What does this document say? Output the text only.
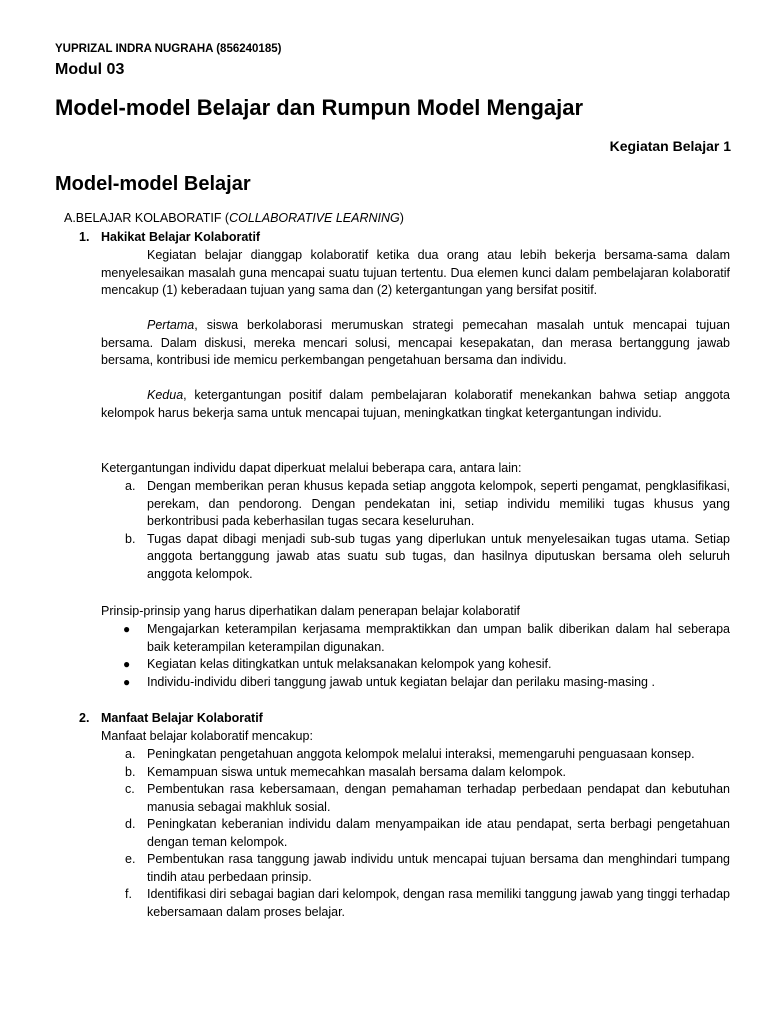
YUPRIZAL INDRA NUGRAHA (856240185)
Modul 03
Model-model Belajar dan Rumpun Model Mengajar
Kegiatan Belajar 1
Model-model Belajar
A.BELAJAR KOLABORATIF (COLLABORATIVE LEARNING)
1. Hakikat Belajar Kolaboratif
Kegiatan belajar dianggap kolaboratif ketika dua orang atau lebih bekerja bersama-sama dalam menyelesaikan masalah guna mencapai suatu tujuan tertentu. Dua elemen kunci dalam pembelajaran kolaboratif mencakup (1) keberadaan tujuan yang sama dan (2) ketergantungan yang bersifat positif.
Pertama, siswa berkolaborasi merumuskan strategi pemecahan masalah untuk mencapai tujuan bersama. Dalam diskusi, mereka mencari solusi, mencapai kesepakatan, dan merasa bertanggung jawab bersama, kontribusi ide memicu perkembangan pengetahuan bersama dan individu.
Kedua, ketergantungan positif dalam pembelajaran kolaboratif menekankan bahwa setiap anggota kelompok harus bekerja sama untuk mencapai tujuan, meningkatkan tingkat ketergantungan individu.
Ketergantungan individu dapat diperkuat melalui beberapa cara, antara lain:
a. Dengan memberikan peran khusus kepada setiap anggota kelompok, seperti pengamat, pengklasifikasi, perekam, dan pendorong. Dengan pendekatan ini, setiap individu memiliki tugas khusus yang berkontribusi pada keberhasilan tugas secara keseluruhan.
b. Tugas dapat dibagi menjadi sub-sub tugas yang diperlukan untuk menyelesaikan tugas utama. Setiap anggota bertanggung jawab atas suatu sub tugas, dan hasilnya diputuskan bersama oleh seluruh anggota kelompok.
Prinsip-prinsip yang harus diperhatikan dalam penerapan belajar kolaboratif
● Mengajarkan keterampilan kerjasama mempraktikkan dan umpan balik diberikan dalam hal seberapa baik keterampilan keterampilan digunakan.
● Kegiatan kelas ditingkatkan untuk melaksanakan kelompok yang kohesif.
● Individu-individu diberi tanggung jawab untuk kegiatan belajar dan perilaku masing-masing .
2. Manfaat Belajar Kolaboratif
Manfaat belajar kolaboratif mencakup:
a. Peningkatan pengetahuan anggota kelompok melalui interaksi, memengaruhi penguasaan konsep.
b. Kemampuan siswa untuk memecahkan masalah bersama dalam kelompok.
c. Pembentukan rasa kebersamaan, dengan pemahaman terhadap perbedaan pendapat dan kebutuhan manusia sebagai makhluk sosial.
d. Peningkatan keberanian individu dalam menyampaikan ide atau pendapat, serta berbagi pengetahuan dengan teman kelompok.
e. Pembentukan rasa tanggung jawab individu untuk mencapai tujuan bersama dan menghindari tumpang tindih atau perbedaan prinsip.
f. Identifikasi diri sebagai bagian dari kelompok, dengan rasa memiliki tanggung jawab yang tinggi terhadap kebersamaan dalam proses belajar.
